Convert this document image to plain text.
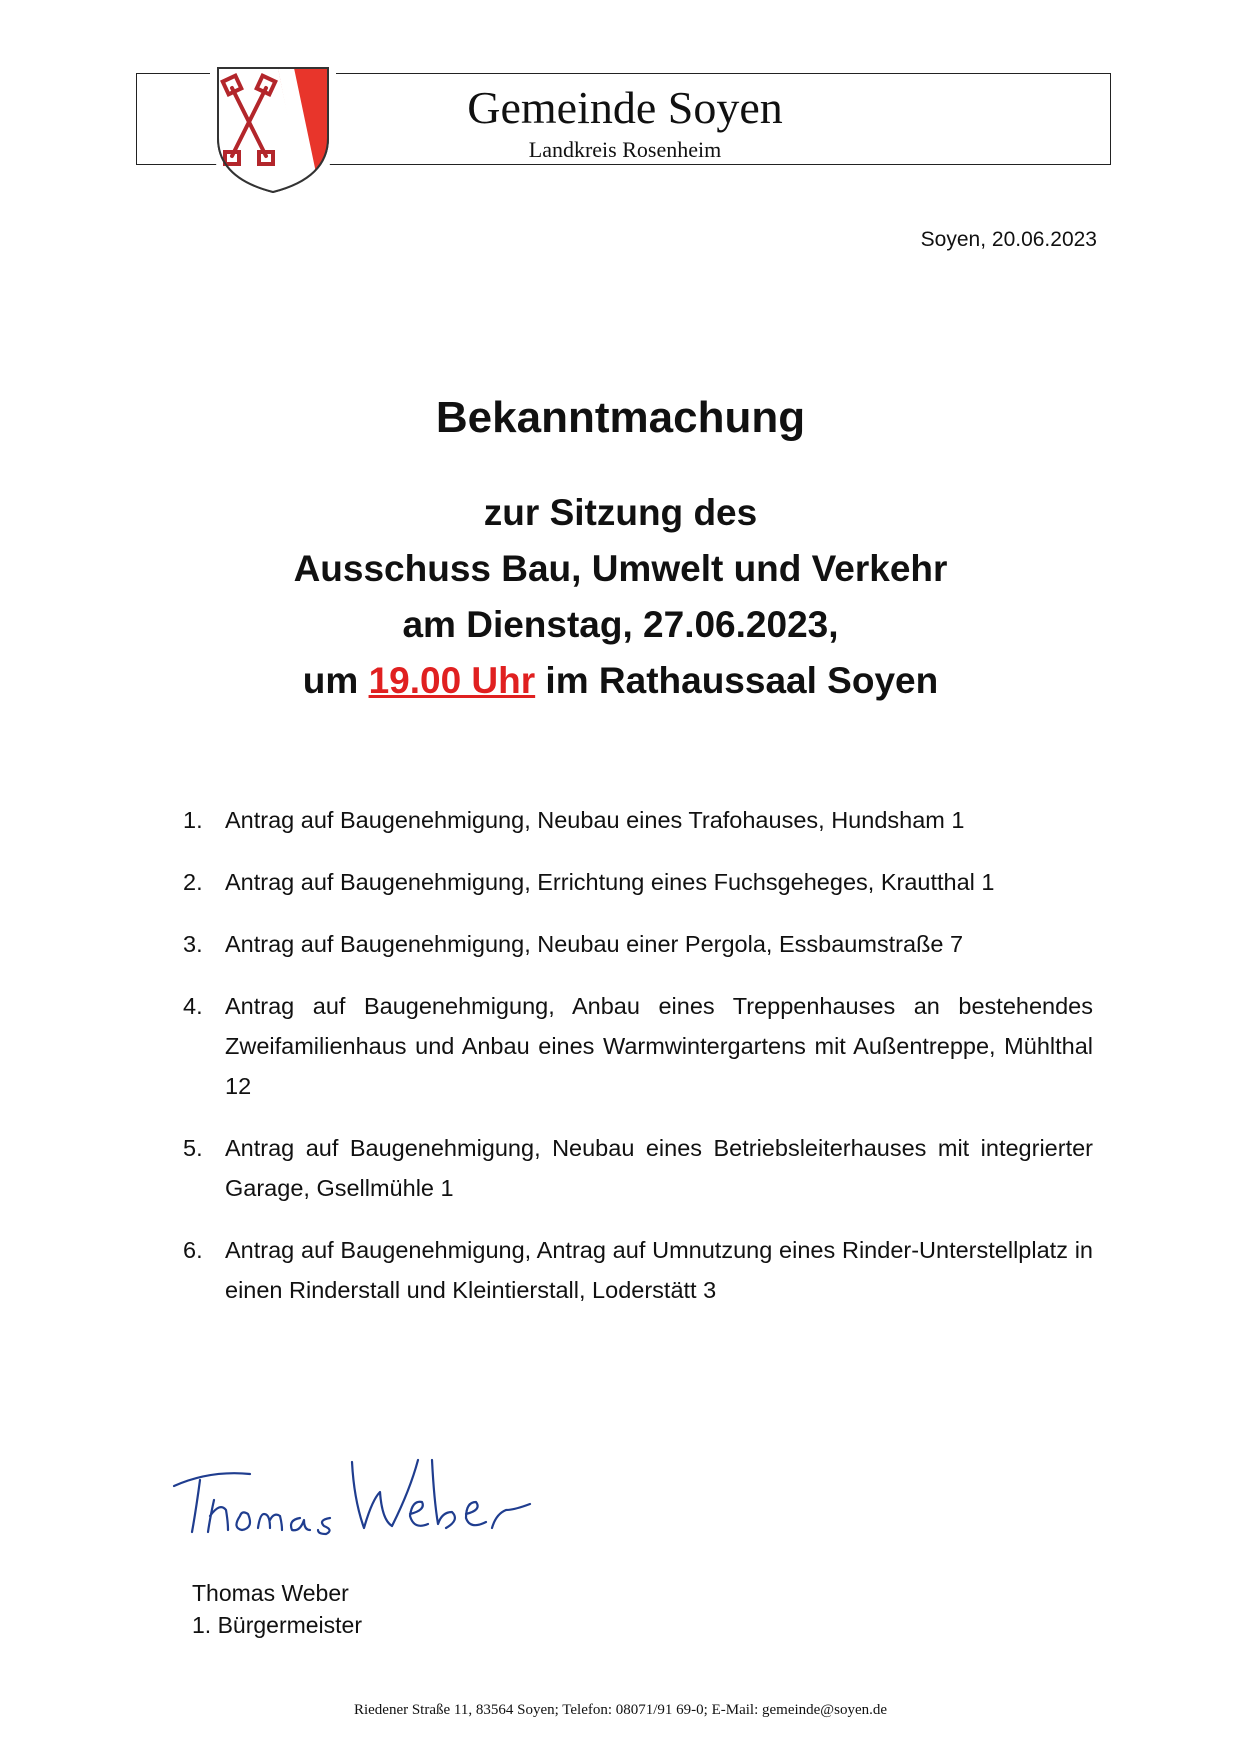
Gemeinde Soyen
Landkreis Rosenheim
Soyen, 20.06.2023
Bekanntmachung
zur Sitzung des
Ausschuss Bau, Umwelt und Verkehr
am Dienstag, 27.06.2023,
um 19.00 Uhr im Rathaussaal Soyen
1. Antrag auf Baugenehmigung, Neubau eines Trafohauses, Hundsham 1
2. Antrag auf Baugenehmigung, Errichtung eines Fuchsgeheges, Krautthal 1
3. Antrag auf Baugenehmigung, Neubau einer Pergola, Essbaumstraße 7
4. Antrag auf Baugenehmigung, Anbau eines Treppenhauses an bestehendes Zweifamilienhaus und Anbau eines Warmwintergartens mit Außentreppe, Mühlthal 12
5. Antrag auf Baugenehmigung, Neubau eines Betriebsleiterhauses mit integrierter Garage, Gsellmühle 1
6. Antrag auf Baugenehmigung, Antrag auf Umnutzung eines Rinder-Unterstellplatz in einen Rinderstall und Kleintierstall, Loderstätt 3
Thomas Weber
1. Bürgermeister
Riedener Straße 11, 83564 Soyen; Telefon: 08071/91 69-0; E-Mail: gemeinde@soyen.de
